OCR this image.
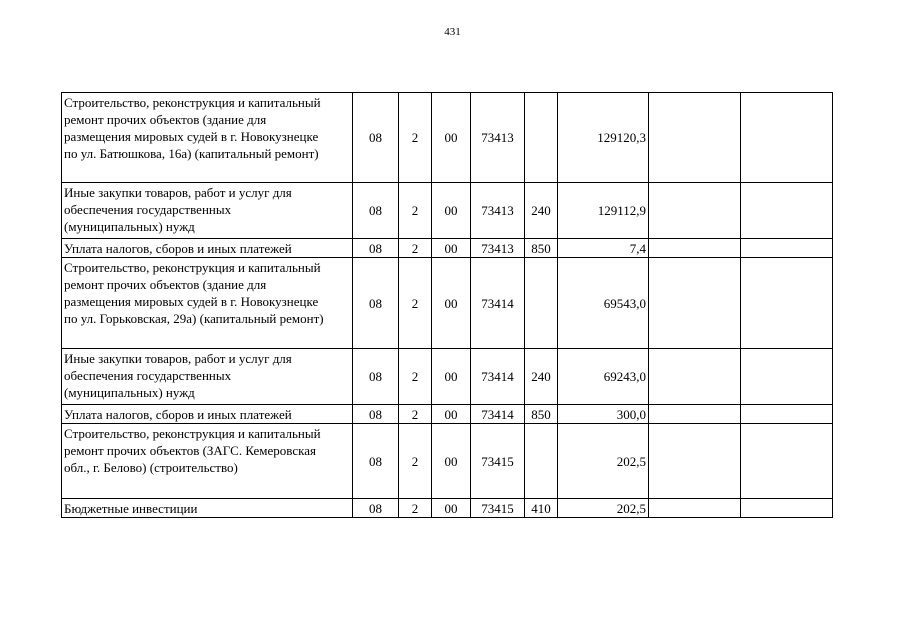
431
Строительство, реконструкция и капитальный
ремонт прочих объектов (здание для
размещения мировых судей в г. Новокузнецке
по ул. Батюшкова, 16а) (капитальный ремонт)	08	2	00	73413		129120,3		

Иные закупки товаров, работ и услуг для
обеспечения государственных
(муниципальных) нужд	08	2	00	73413	240	129112,9		

Уплата налогов, сборов и иных платежей	08	2	00	73413	850	7,4		

Строительство, реконструкция и капитальный
ремонт прочих объектов (здание для
размещения мировых судей в г. Новокузнецке
по ул. Горьковская, 29а) (капитальный ремонт)	08	2	00	73414		69543,0		

Иные закупки товаров, работ и услуг для
обеспечения государственных
(муниципальных) нужд	08	2	00	73414	240	69243,0		

Уплата налогов, сборов и иных платежей	08	2	00	73414	850	300,0		

Строительство, реконструкция и капитальный
ремонт прочих объектов (ЗАГС. Кемеровская
обл., г. Белово) (строительство)	08	2	00	73415		202,5		

Бюджетные инвестиции	08	2	00	73415	410	202,5		
